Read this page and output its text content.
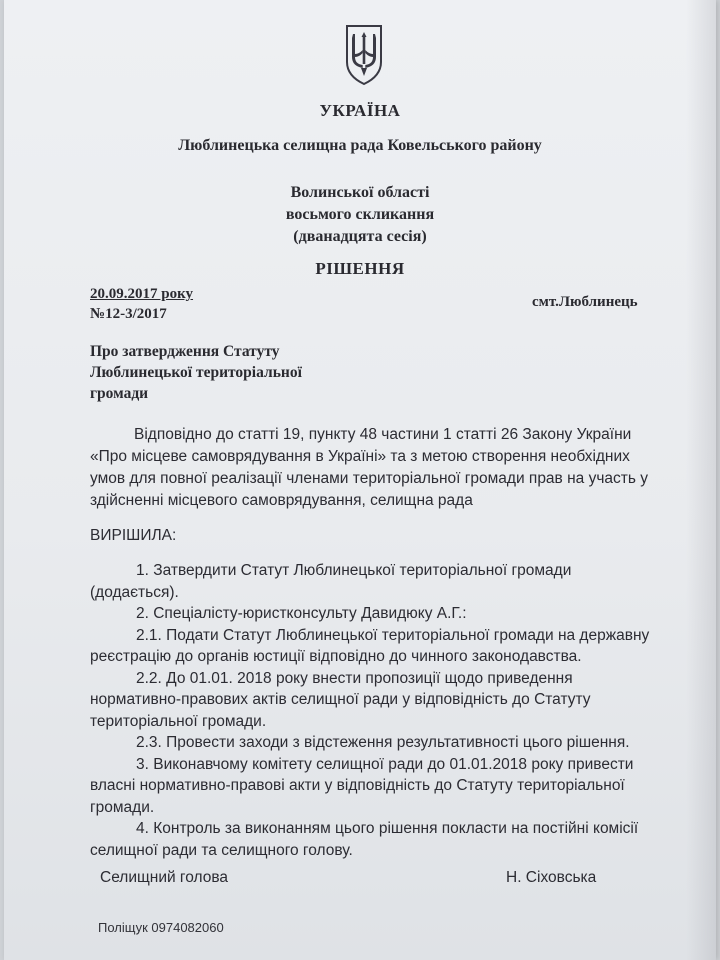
УКРАЇНА
Люблинецька селищна рада Ковельського району
Волинської області
восьмого скликання
(дванадцята сесія)
РІШЕННЯ
20.09.2017 року
№12-3/2017
смт.Люблинець
Про затвердження Статуту
Люблинецької територіальної
громади
Відповідно до статті 19, пункту 48 частини 1 статті 26 Закону України
«Про місцеве самоврядування в Україні» та з метою створення необхідних
умов для повної реалізації членами територіальної громади прав на участь у
здійсненні місцевого самоврядування, селищна рада
ВИРІШИЛА:
1. Затвердити Статут Люблинецької територіальної громади
(додається).
2. Спеціалісту-юристконсульту Давидюку А.Г.:
2.1. Подати Статут Люблинецької територіальної громади на державну
реєстрацію до органів юстиції відповідно до чинного законодавства.
2.2. До 01.01. 2018 року внести пропозиції щодо приведення
нормативно-правових актів селищної ради у відповідність до Статуту
територіальної громади.
2.3. Провести заходи з відстеження результативності цього рішення.
3. Виконавчому комітету селищної ради до 01.01.2018 року привести
власні нормативно-правові акти у відповідність до Статуту територіальної
громади.
4. Контроль за виконанням цього рішення покласти на постійні комісії
селищної ради та селищного голову.
Селищний голова	Н. Сіховська
Поліщук 0974082060
